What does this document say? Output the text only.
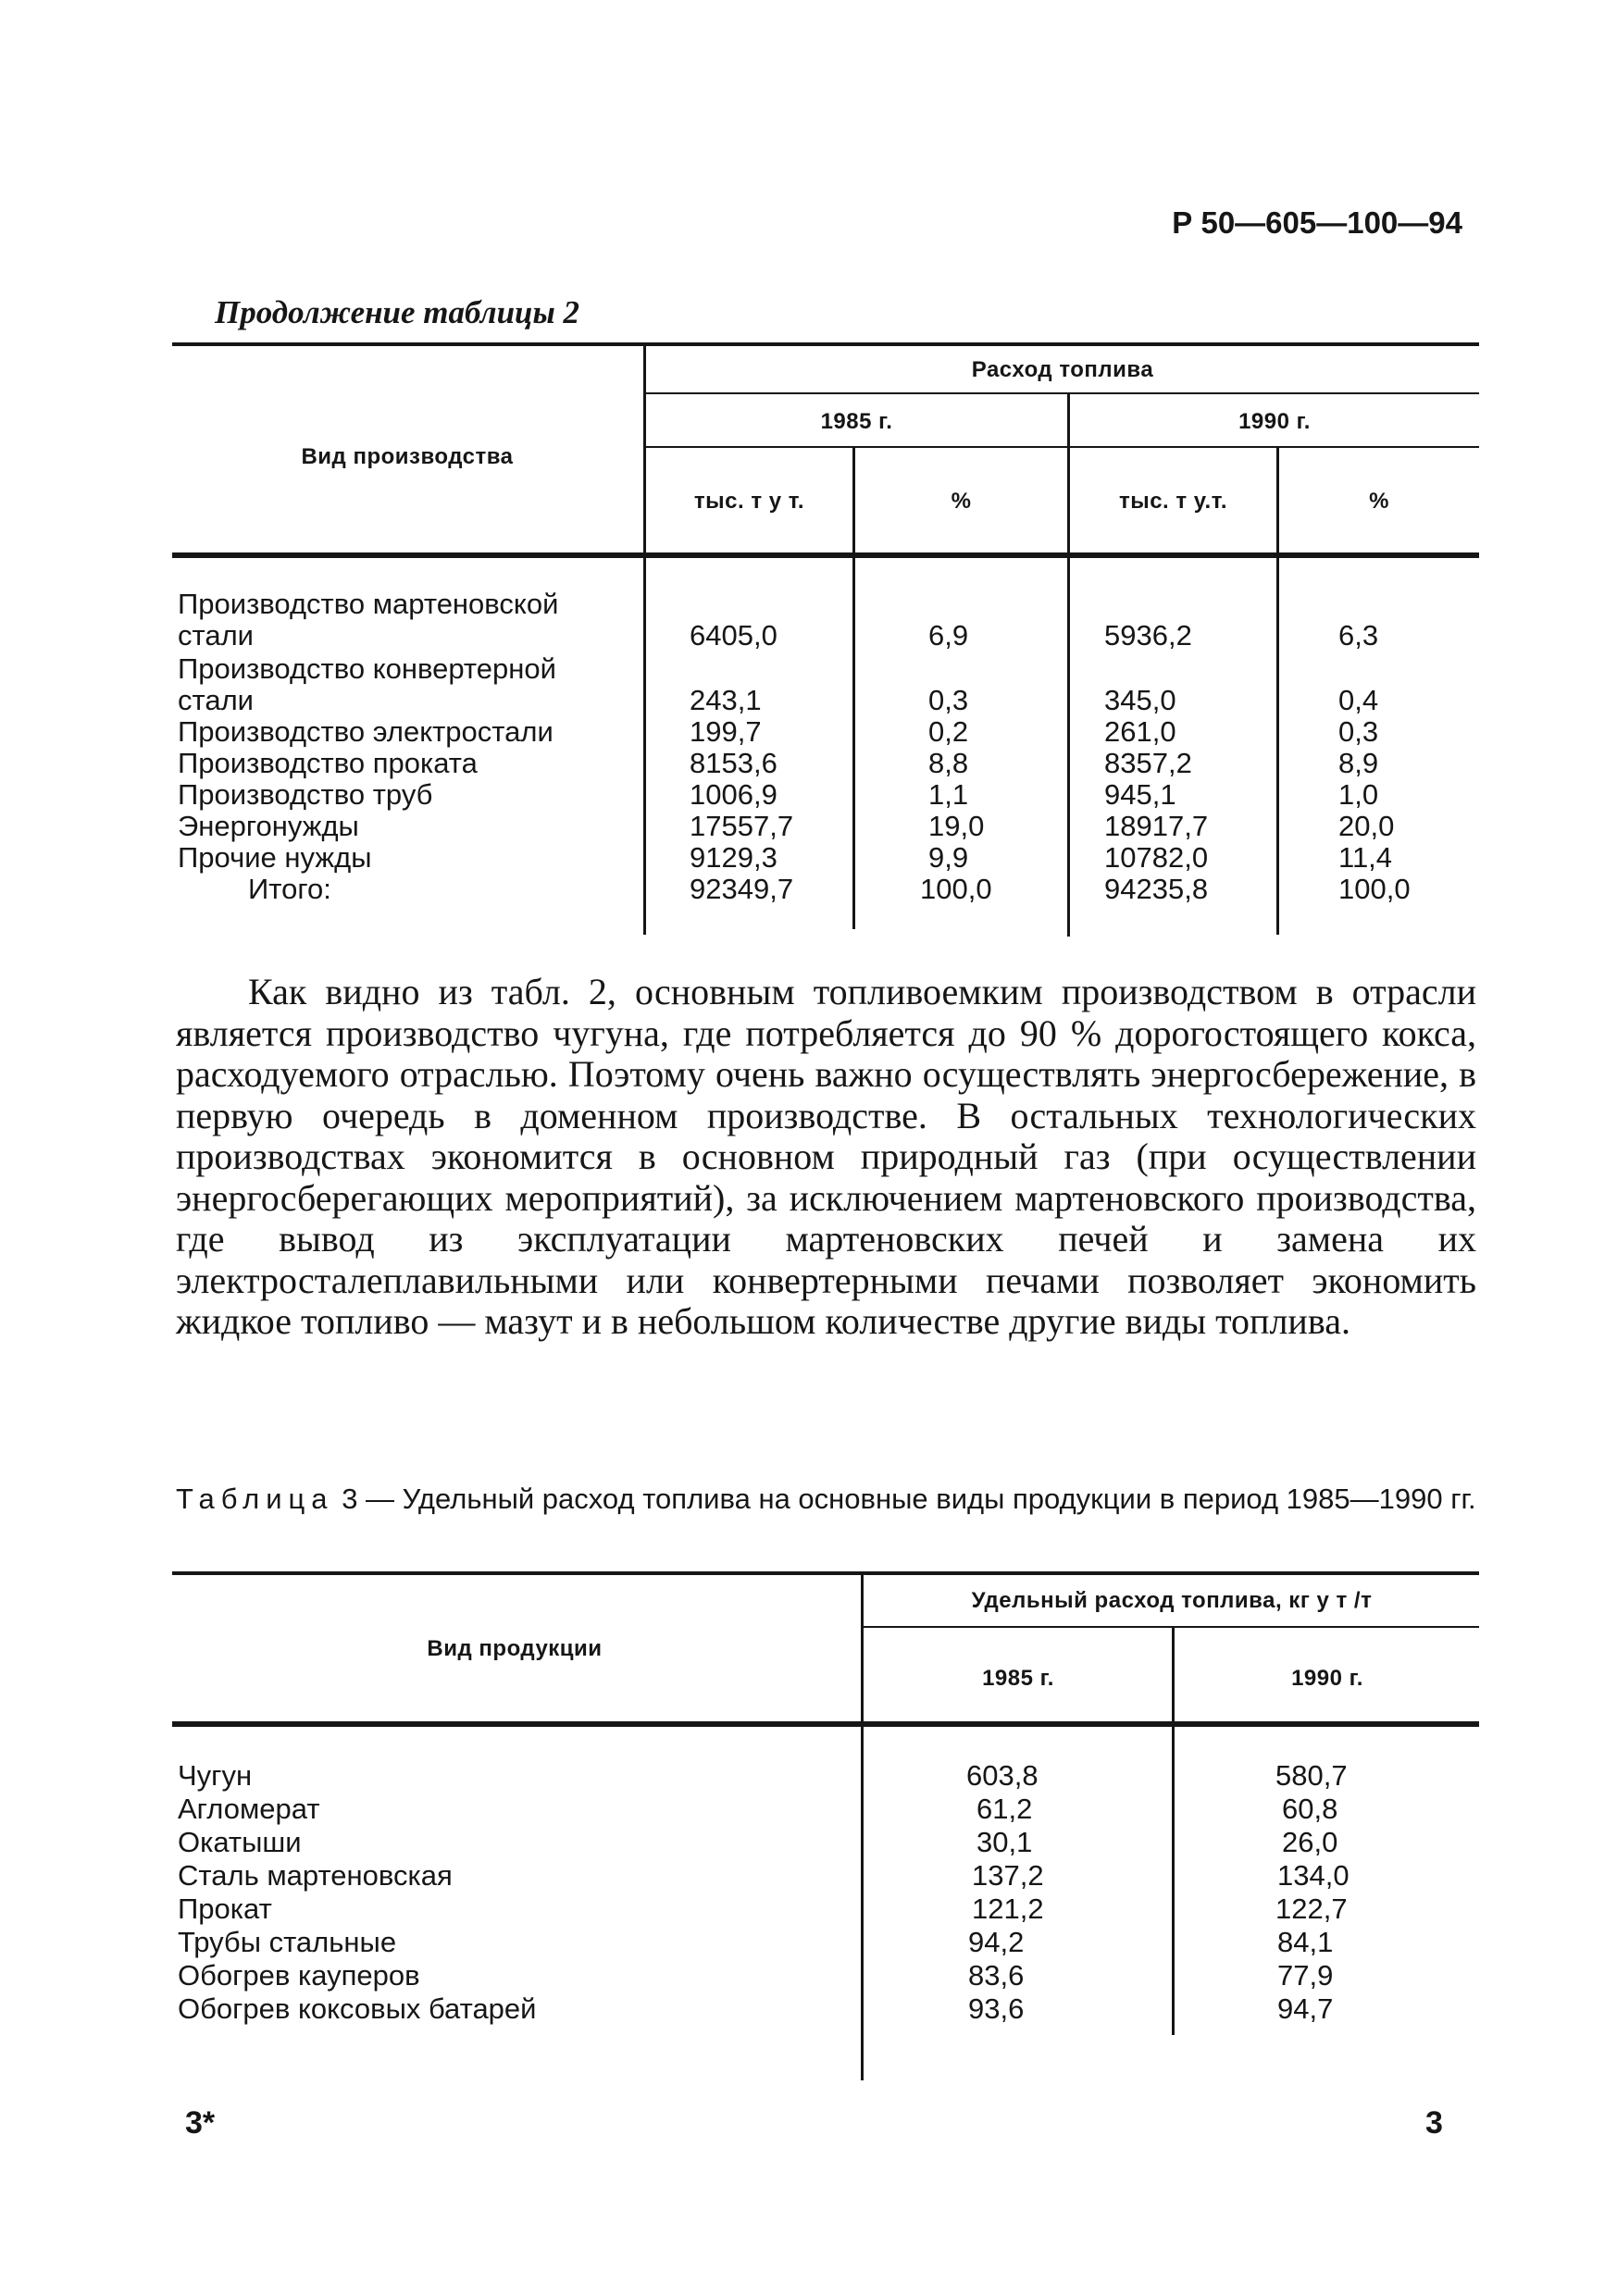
Р 50—605—100—94
Продолжение таблицы 2
Вид производства
Расход топлива
1985 г.	1990 г.
тыс. т у т.	%	тыс. т у.т.	%
Производство мартеновской
стали	6405,0	6,9	5936,2	6,3
Производство конвертерной
стали	243,1	0,3	345,0	0,4
Производство электростали	199,7	0,2	261,0	0,3
Производство проката	8153,6	8,8	8357,2	8,9
Производство труб	1006,9	1,1	945,1	1,0
Энергонужды	17557,7	19,0	18917,7	20,0
Прочие нужды	9129,3	9,9	10782,0	11,4
Итого:	92349,7	100,0	94235,8	100,0
Как видно из табл. 2, основным топливоемким производством в отрасли является производство чугуна, где потребляется до 90 % дорогостоящего кокса, расходуемого отраслью. Поэтому очень важно осуществлять энергосбережение, в первую очередь в доменном производстве. В остальных технологических производствах экономится в основном природный газ (при осуществлении энергосберегающих мероприятий), за исключением мартеновского производства, где вывод из эксплуатации мартеновских печей и замена их электросталеплавильными или конвертерными печами позволяет экономить жидкое топливо — мазут и в небольшом количестве другие виды топлива.
Таблица 3 — Удельный расход топлива на основные виды продукции в период 1985—1990 гг.
Вид продукции
Удельный расход топлива, кг у т /т
1985 г.	1990 г.
Чугун	603,8	580,7
Агломерат	61,2	60,8
Окатыши	30,1	26,0
Сталь мартеновская	137,2	134,0
Прокат	121,2	122,7
Трубы стальные	94,2	84,1
Обогрев кауперов	83,6	77,9
Обогрев коксовых батарей	93,6	94,7
3*	3
